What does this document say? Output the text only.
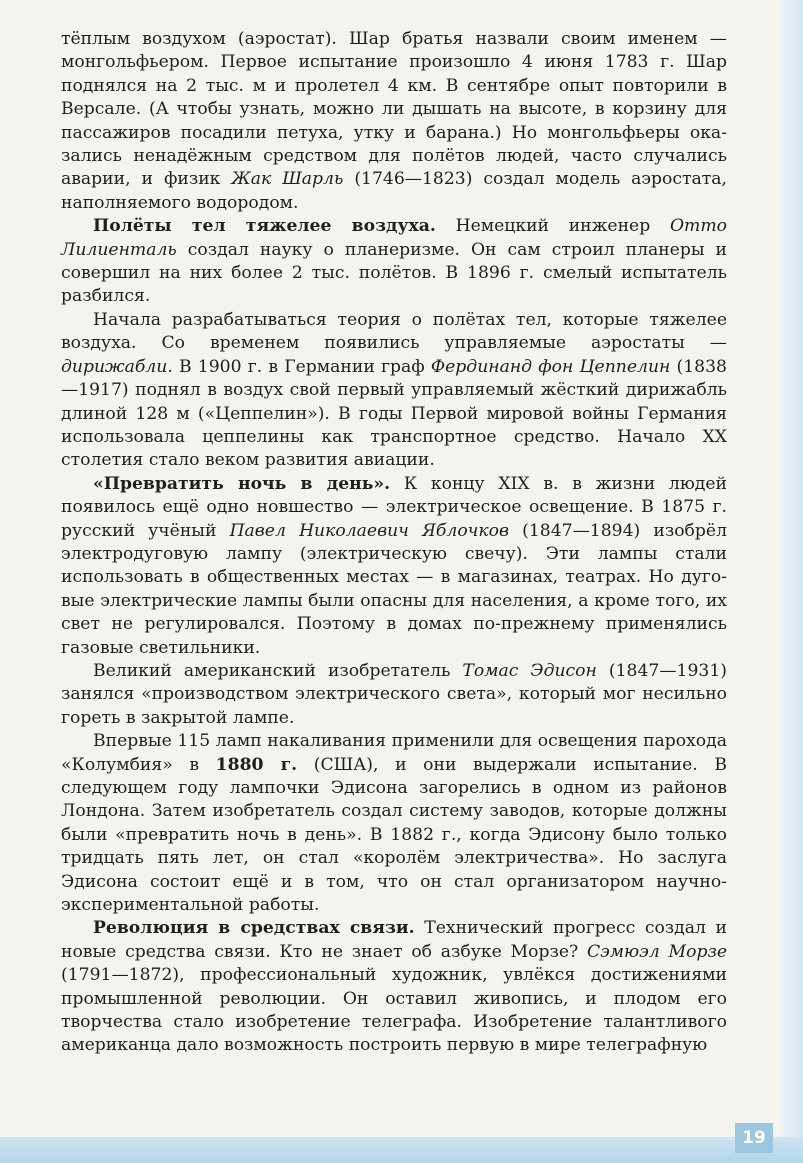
тёплым воздухом (аэростат). Шар братья назвали своим именем — монгольфьером. Первое испытание произошло 4 июня 1783 г. Шар поднялся на 2 тыс. м и пролетел 4 км. В сентябре опыт повторили в Версале. (А чтобы узнать, можно ли дышать на высоте, в корзину для пассажиров посадили петуха, утку и барана.) Но монгольфьеры оказались ненадёжным средством для полётов людей, часто случались аварии, и физик Жак Шарль (1746—1823) создал модель аэростата, наполняемого водородом.

Полёты тел тяжелее воздуха. Немецкий инженер Отто Лилиенталь создал науку о планеризме. Он сам строил планеры и совершил на них более 2 тыс. полётов. В 1896 г. смелый испытатель разбился.

Начала разрабатываться теория о полётах тел, которые тяжелее воздуха. Со временем появились управляемые аэростаты — дирижабли. В 1900 г. в Германии граф Фердинанд фон Цеппелин (1838—1917) поднял в воздух свой первый управляемый жёсткий дирижабль длиной 128 м («Цеппелин»). В годы Первой мировой войны Германия использовала цеппелины как транспортное средство. Начало XX столетия стало веком развития авиации.

«Превратить ночь в день». К концу XIX в. в жизни людей появилось ещё одно новшество — электрическое освещение. В 1875 г. русский учёный Павел Николаевич Яблочков (1847—1894) изобрёл электродуговую лампу (электрическую свечу). Эти лампы стали использовать в общественных местах — в магазинах, театрах. Но дуговые электрические лампы были опасны для населения, а кроме того, их свет не регулировался. Поэтому в домах по-прежнему применялись газовые светильники.

Великий американский изобретатель Томас Эдисон (1847—1931) занялся «производством электрического света», который мог несильно гореть в закрытой лампе.

Впервые 115 ламп накаливания применили для освещения парохода «Колумбия» в 1880 г. (США), и они выдержали испытание. В следующем году лампочки Эдисона загорелись в одном из районов Лондона. Затем изобретатель создал систему заводов, которые должны были «превратить ночь в день». В 1882 г., когда Эдисону было только тридцать пять лет, он стал «королём электричества». Но заслуга Эдисона состоит ещё и в том, что он стал организатором научно-экспериментальной работы.

Революция в средствах связи. Технический прогресс создал и новые средства связи. Кто не знает об азбуке Морзе? Сэмюэл Морзе (1791—1872), профессиональный художник, увлёкся достижениями промышленной революции. Он оставил живопись, и плодом его творчества стало изобретение телеграфа. Изобретение талантливого американца дало возможность построить первую в мире телеграфную

19
